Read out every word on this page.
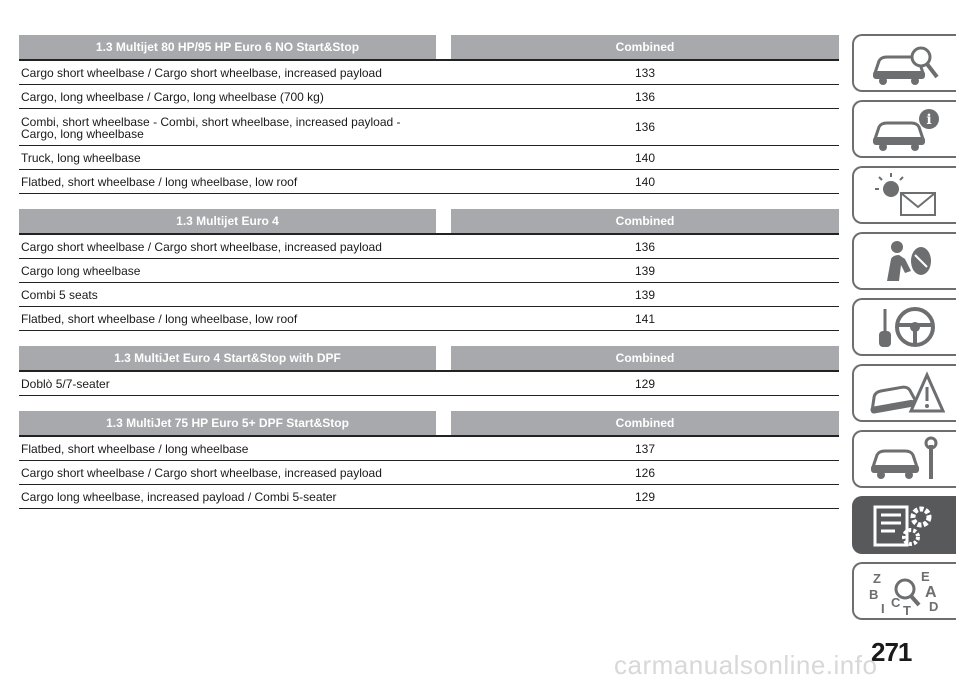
1.3 Multijet 80 HP/95 HP Euro 6 NO Start&Stop	Combined
Cargo short wheelbase / Cargo short wheelbase, increased payload	133
Cargo, long wheelbase / Cargo, long wheelbase (700 kg)	136
Combi, short wheelbase - Combi, short wheelbase, increased payload - Cargo, long wheelbase	136
Truck, long wheelbase	140
Flatbed, short wheelbase / long wheelbase, low roof	140
1.3 Multijet Euro 4	Combined
Cargo short wheelbase / Cargo short wheelbase, increased payload	136
Cargo long wheelbase	139
Combi 5 seats	139
Flatbed, short wheelbase / long wheelbase, low roof	141
1.3 MultiJet Euro 4 Start&Stop with DPF	Combined
Doblò 5/7-seater	129
1.3 MultiJet 75 HP Euro 5+ DPF Start&Stop	Combined
Flatbed, short wheelbase / long wheelbase	137
Cargo short wheelbase / Cargo short wheelbase, increased payload	126
Cargo long wheelbase, increased payload / Combi 5-seater	129
i
Z	E
B	A
C D
I T
271
carmanualsonline.info
